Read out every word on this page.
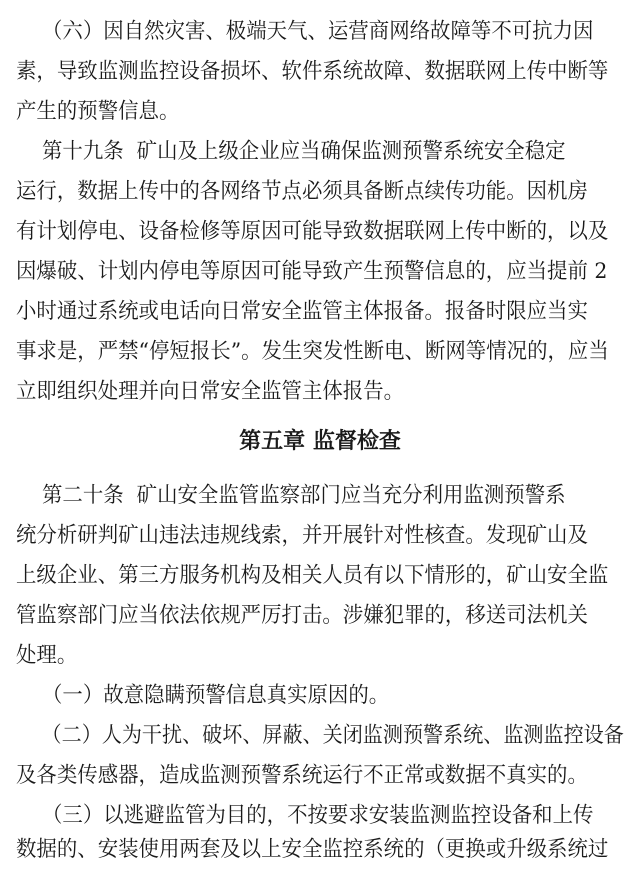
（六）因自然灾害、极端天气、运营商网络故障等不可抗力因
素，导致监测监控设备损坏、软件系统故障、数据联网上传中断等
产生的预警信息。
第十九条  矿山及上级企业应当确保监测预警系统安全稳定
运行，数据上传中的各网络节点必须具备断点续传功能。因机房
有计划停电、设备检修等原因可能导致数据联网上传中断的，以及
因爆破、计划内停电等原因可能导致产生预警信息的，应当提前 2
小时通过系统或电话向日常安全监管主体报备。报备时限应当实
事求是，严禁“停短报长”。发生突发性断电、断网等情况的，应当
立即组织处理并向日常安全监管主体报告。
第五章 监督检查
第二十条  矿山安全监管监察部门应当充分利用监测预警系
统分析研判矿山违法违规线索，并开展针对性核查。发现矿山及
上级企业、第三方服务机构及相关人员有以下情形的，矿山安全监
管监察部门应当依法依规严厉打击。涉嫌犯罪的，移送司法机关
处理。
（一）故意隐瞒预警信息真实原因的。
（二）人为干扰、破坏、屏蔽、关闭监测预警系统、监测监控设备
及各类传感器，造成监测预警系统运行不正常或数据不真实的。
（三）以逃避监管为目的，不按要求安装监测监控设备和上传
数据的、安装使用两套及以上安全监控系统的（更换或升级系统过
